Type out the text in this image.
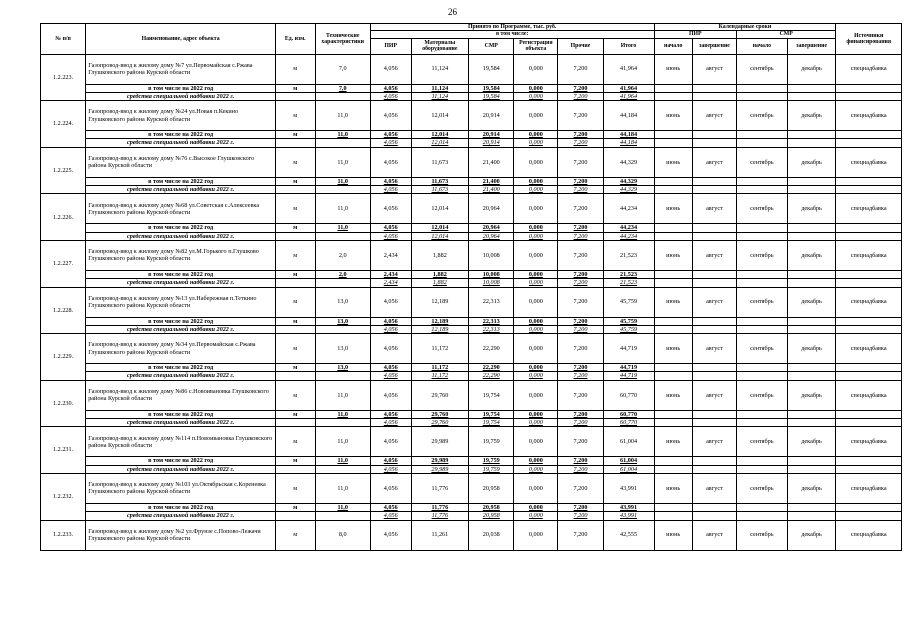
26
№ п/п	Наименование, адрес объекта	Ед. изм.	Технические характеристики	Принято по Программе, тыс. руб.						Календарные сроки				Источники финансирования
				в том числе:						ПИР		СМР		
				ПИР	Материалы оборудование	СМР	Регистрация объекта	Прочие	Итого	начало	завершение	начало	завершение	

1.2.223.	Газопровод-ввод к жилому дому №7 ул.Первомайская с.Ржава Глушковского района Курской области	м	7,0	4,056	11,124	19,584	0,000	7,200	41,964	июнь	август	сентябрь	декабрь	спецнадбавка
	в том числе на 2022 год	м	7,0	4,056	11,124	19,584	0,000	7,200	41,964					
	средства специальной надбавки 2022 г.			4,056	11,124	19,584	0,000	7,200	41,964					
1.2.224.	Газопровод-ввод к жилому дому №24 ул.Новая п.Кекино Глушковского района Курской области	м	11,0	4,056	12,014	20,914	0,000	7,200	44,184	июнь	август	сентябрь	декабрь	спецнадбавка
	в том числе на 2022 год	м	11,0	4,056	12,014	20,914	0,000	7,200	44,184					
	средства специальной надбавки 2022 г.			4,056	12,014	20,914	0,000	7,200	44,184					
1.2.225.	Газопровод-ввод к жилому дому №76 с.Высокое Глушковского района Курской области	м	11,0	4,056	11,673	21,400	0,000	7,200	44,329	июнь	август	сентябрь	декабрь	спецнадбавка
	в том числе на 2022 год	м	11,0	4,056	11,673	21,400	0,000	7,200	44,329					
	средства специальной надбавки 2022 г.			4,056	11,673	21,400	0,000	7,200	44,329					
1.2.226.	Газопровод-ввод к жилому дому №68 ул.Советская с.Алексеевка Глушковского района Курской области	м	11,0	4,056	12,014	20,964	0,000	7,200	44,234	июнь	август	сентябрь	декабрь	спецнадбавка
	в том числе на 2022 год	м	11,0	4,056	12,014	20,964	0,000	7,200	44,234					
	средства специальной надбавки 2022 г.			4,056	12,014	20,964	0,000	7,200	44,234					
1.2.227.	Газопровод-ввод к жилому дому №82 ул.М.Горького п.Глушково Глушковского района Курской области	м	2,0	2,434	1,882	10,008	0,000	7,200	21,523	июнь	август	сентябрь	декабрь	спецнадбавка
	в том числе на 2022 год	м	2,0	2,434	1,882	10,008	0,000	7,200	21,523					
	средства специальной надбавки 2022 г.			2,434	1,882	10,008	0,000	7,200	21,523					
1.2.228.	Газопровод-ввод к жилому дому №13 ул.Набережная п.Теткино Глушковского района Курской области	м	13,0	4,056	12,189	22,313	0,000	7,200	45,759	июнь	август	сентябрь	декабрь	спецнадбавка
	в том числе на 2022 год	м	13,0	4,056	12,189	22,313	0,000	7,200	45,759					
	средства специальной надбавки 2022 г.			4,056	12,189	22,313	0,000	7,200	45,759					
1.2.229.	Газопровод-ввод к жилому дому №34 ул.Первомайская с.Ржава Глушковского района Курской области	м	13,0	4,056	11,172	22,290	0,000	7,200	44,719	июнь	август	сентябрь	декабрь	спецнадбавка
	в том числе на 2022 год	м	13,0	4,056	11,172	22,290	0,000	7,200	44,719					
	средства специальной надбавки 2022 г.			4,056	11,172	22,290	0,000	7,200	44,719					
1.2.230.	Газопровод-ввод к жилому дому №86 с.Новоивановка Глушковского района Курской области	м	11,0	4,056	29,760	19,754	0,000	7,200	60,770	июнь	август	сентябрь	декабрь	спецнадбавка
	в том числе на 2022 год	м	11,0	4,056	29,760	19,754	0,000	7,200	60,770					
	средства специальной надбавки 2022 г.			4,056	29,760	19,754	0,000	7,200	60,770					
1.2.231.	Газопровод-ввод к жилому дому №114 п.Новоивановка Глушковского района Курской области	м	11,0	4,056	29,989	19,759	0,000	7,200	61,004	июнь	август	сентябрь	декабрь	спецнадбавка
	в том числе на 2022 год	м	11,0	4,056	29,989	19,759	0,000	7,200	61,004					
	средства специальной надбавки 2022 г.			4,056	29,989	19,759	0,000	7,200	61,004					
1.2.232.	Газопровод-ввод к жилому дому №103 ул.Октябрьская с.Кореневка Глушковского района Курской области	м	11,0	4,056	11,776	20,958	0,000	7,200	43,991	июнь	август	сентябрь	декабрь	спецнадбавка
	в том числе на 2022 год	м	11,0	4,056	11,776	20,958	0,000	7,200	43,991					
	средства специальной надбавки 2022 г.			4,056	11,776	20,958	0,000	7,200	43,991					
1.2.233.	Газопровод-ввод к жилому дому №2 ул.Фрунзе с.Попово-Лежачи Глушковского района Курской области	м	8,0	4,056	11,261	20,038	0,000	7,200	42,555	июнь	август	сентябрь	декабрь	спецнадбавка
